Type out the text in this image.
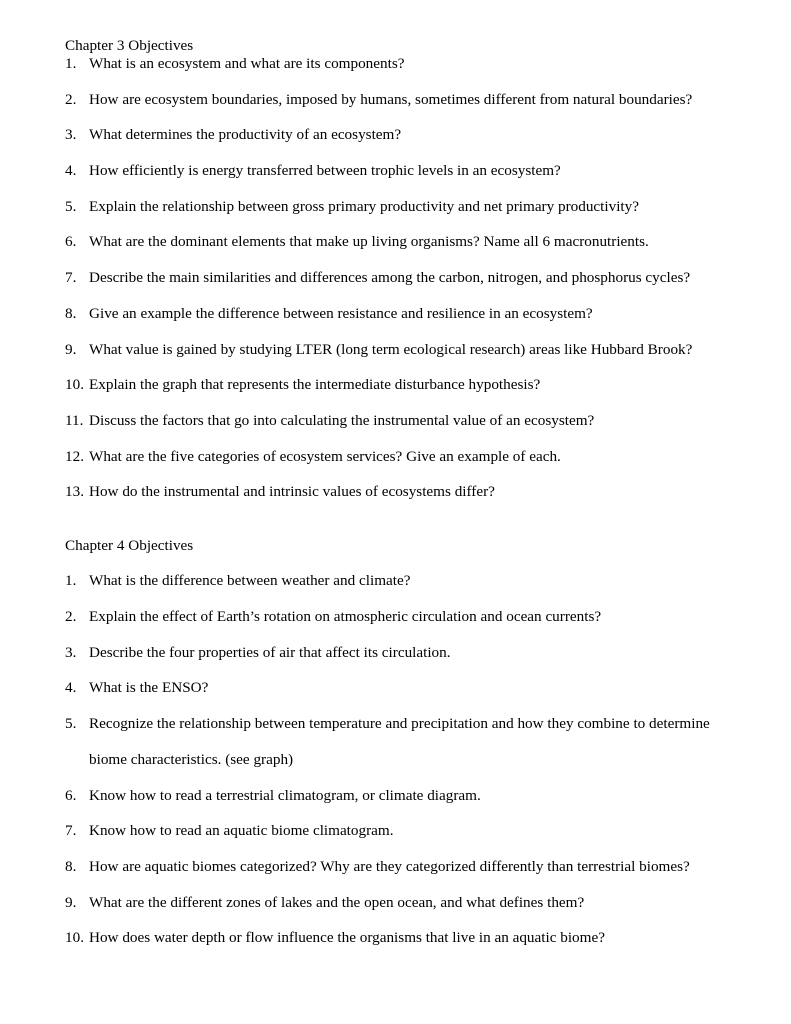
Chapter 3 Objectives
1. What is an ecosystem and what are its components?
2. How are ecosystem boundaries, imposed by humans, sometimes different from natural boundaries?
3. What determines the productivity of an ecosystem?
4. How efficiently is energy transferred between trophic levels in an ecosystem?
5. Explain the relationship between gross primary productivity and net primary productivity?
6. What are the dominant elements that make up living organisms? Name all 6 macronutrients.
7. Describe the main similarities and differences among the carbon, nitrogen, and phosphorus cycles?
8. Give an example the difference between resistance and resilience in an ecosystem?
9. What value is gained by studying LTER (long term ecological research) areas like Hubbard Brook?
10. Explain the graph that represents the intermediate disturbance hypothesis?
11. Discuss the factors that go into calculating the instrumental value of an ecosystem?
12. What are the five categories of ecosystem services? Give an example of each.
13. How do the instrumental and intrinsic values of ecosystems differ?
Chapter 4 Objectives
1. What is the difference between weather and climate?
2. Explain the effect of Earth’s rotation on atmospheric circulation and ocean currents?
3. Describe the four properties of air that affect its circulation.
4. What is the ENSO?
5. Recognize the relationship between temperature and precipitation and how they combine to determine
biome characteristics. (see graph)
6. Know how to read a terrestrial climatogram, or climate diagram.
7. Know how to read an aquatic biome climatogram.
8. How are aquatic biomes categorized? Why are they categorized differently than terrestrial biomes?
9. What are the different zones of lakes and the open ocean, and what defines them?
10. How does water depth or flow influence the organisms that live in an aquatic biome?
